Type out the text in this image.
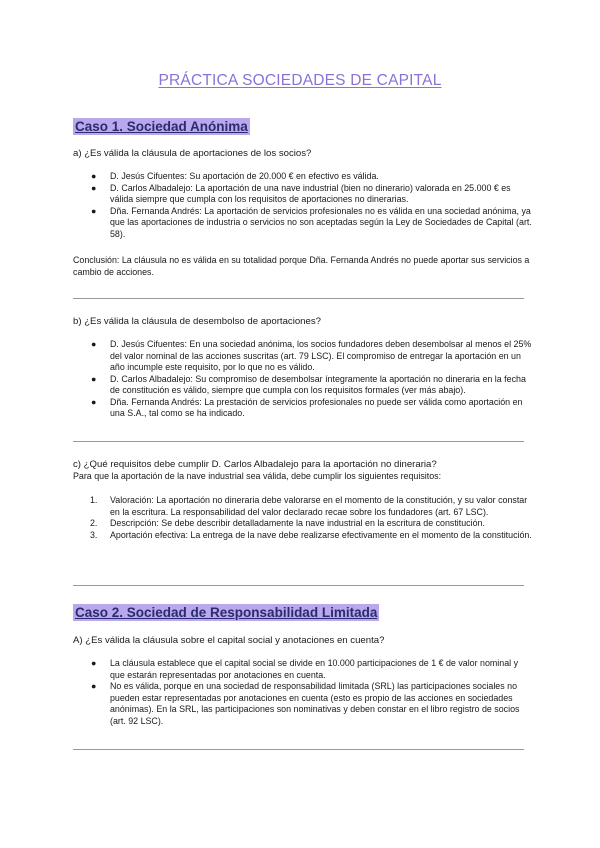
PRÁCTICA SOCIEDADES DE CAPITAL
Caso 1. Sociedad Anónima
a) ¿Es válida la cláusula de aportaciones de los socios?
● D. Jesús Cifuentes: Su aportación de 20.000 € en efectivo es válida.
● D. Carlos Albadalejo: La aportación de una nave industrial (bien no dinerario) valorada en 25.000 € es válida siempre que cumpla con los requisitos de aportaciones no dinerarias.
● Dña. Fernanda Andrés: La aportación de servicios profesionales no es válida en una sociedad anónima, ya que las aportaciones de industria o servicios no son aceptadas según la Ley de Sociedades de Capital (art. 58).
Conclusión: La cláusula no es válida en su totalidad porque Dña. Fernanda Andrés no puede aportar sus servicios a cambio de acciones.
b) ¿Es válida la cláusula de desembolso de aportaciones?
● D. Jesús Cifuentes: En una sociedad anónima, los socios fundadores deben desembolsar al menos el 25% del valor nominal de las acciones suscritas (art. 79 LSC). El compromiso de entregar la aportación en un año incumple este requisito, por lo que no es válido.
● D. Carlos Albadalejo: Su compromiso de desembolsar íntegramente la aportación no dineraria en la fecha de constitución es válido, siempre que cumpla con los requisitos formales (ver más abajo).
● Dña. Fernanda Andrés: La prestación de servicios profesionales no puede ser válida como aportación en una S.A., tal como se ha indicado.
c) ¿Qué requisitos debe cumplir D. Carlos Albadalejo para la aportación no dineraria?
Para que la aportación de la nave industrial sea válida, debe cumplir los siguientes requisitos:
1. Valoración: La aportación no dineraria debe valorarse en el momento de la constitución, y su valor constar en la escritura. La responsabilidad del valor declarado recae sobre los fundadores (art. 67 LSC).
2. Descripción: Se debe describir detalladamente la nave industrial en la escritura de constitución.
3. Aportación efectiva: La entrega de la nave debe realizarse efectivamente en el momento de la constitución.
Caso 2. Sociedad de Responsabilidad Limitada
A) ¿Es válida la cláusula sobre el capital social y anotaciones en cuenta?
● La cláusula establece que el capital social se divide en 10.000 participaciones de 1 € de valor nominal y que estarán representadas por anotaciones en cuenta.
● No es válida, porque en una sociedad de responsabilidad limitada (SRL) las participaciones sociales no pueden estar representadas por anotaciones en cuenta (esto es propio de las acciones en sociedades anónimas). En la SRL, las participaciones son nominativas y deben constar en el libro registro de socios (art. 92 LSC).
